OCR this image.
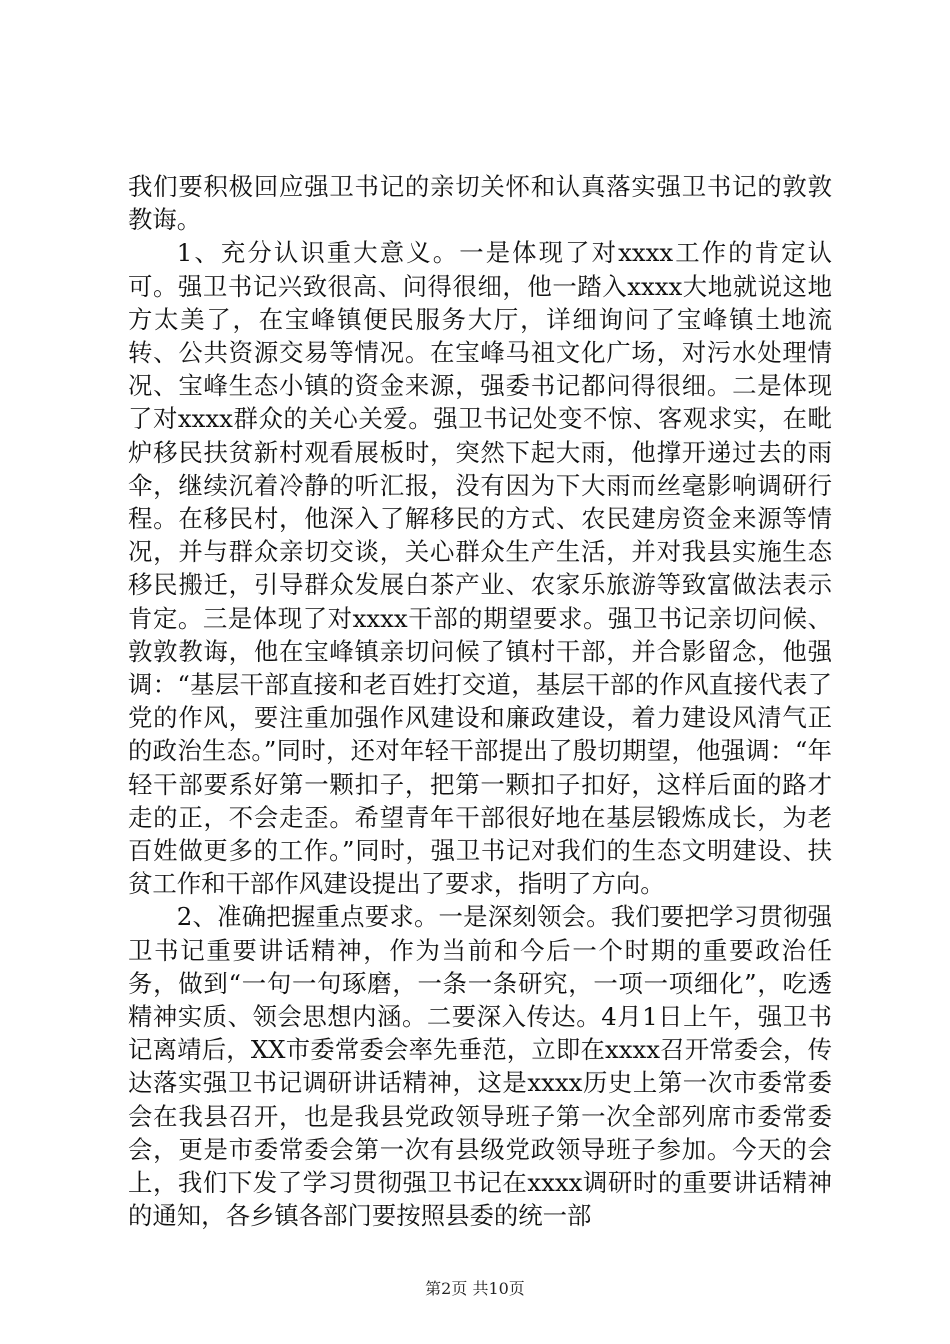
我们要积极回应强卫书记的亲切关怀和认真落实强卫书记的敦敦教诲。

1、充分认识重大意义。一是体现了对xxxx工作的肯定认可。强卫书记兴致很高、问得很细，他一踏入xxxx大地就说这地方太美了，在宝峰镇便民服务大厅，详细询问了宝峰镇土地流转、公共资源交易等情况。在宝峰马祖文化广场，对污水处理情况、宝峰生态小镇的资金来源，强委书记都问得很细。二是体现了对xxxx群众的关心关爱。强卫书记处变不惊、客观求实，在毗炉移民扶贫新村观看展板时，突然下起大雨，他撑开递过去的雨伞，继续沉着冷静的听汇报，没有因为下大雨而丝毫影响调研行程。在移民村，他深入了解移民的方式、农民建房资金来源等情况，并与群众亲切交谈，关心群众生产生活，并对我县实施生态移民搬迁，引导群众发展白茶产业、农家乐旅游等致富做法表示肯定。三是体现了对xxxx干部的期望要求。强卫书记亲切问候、敦敦教诲，他在宝峰镇亲切问候了镇村干部，并合影留念，他强调：“基层干部直接和老百姓打交道，基层干部的作风直接代表了党的作风，要注重加强作风建设和廉政建设，着力建设风清气正的政治生态。”同时，还对年轻干部提出了殷切期望，他强调：“年轻干部要系好第一颗扣子，把第一颗扣子扣好，这样后面的路才走的正，不会走歪。希望青年干部很好地在基层锻炼成长，为老百姓做更多的工作。”同时，强卫书记对我们的生态文明建设、扶贫工作和干部作风建设提出了要求，指明了方向。

2、准确把握重点要求。一是深刻领会。我们要把学习贯彻强卫书记重要讲话精神，作为当前和今后一个时期的重要政治任务，做到“一句一句琢磨，一条一条研究，一项一项细化”，吃透精神实质、领会思想内涵。二要深入传达。4月1日上午，强卫书记离靖后，XX市委常委会率先垂范，立即在xxxx召开常委会，传达落实强卫书记调研讲话精神，这是xxxx历史上第一次市委常委会在我县召开，也是我县党政领导班子第一次全部列席市委常委会，更是市委常委会第一次有县级党政领导班子参加。今天的会上，我们下发了学习贯彻强卫书记在xxxx调研时的重要讲话精神的通知，各乡镇各部门要按照县委的统一部

第2页 共10页
